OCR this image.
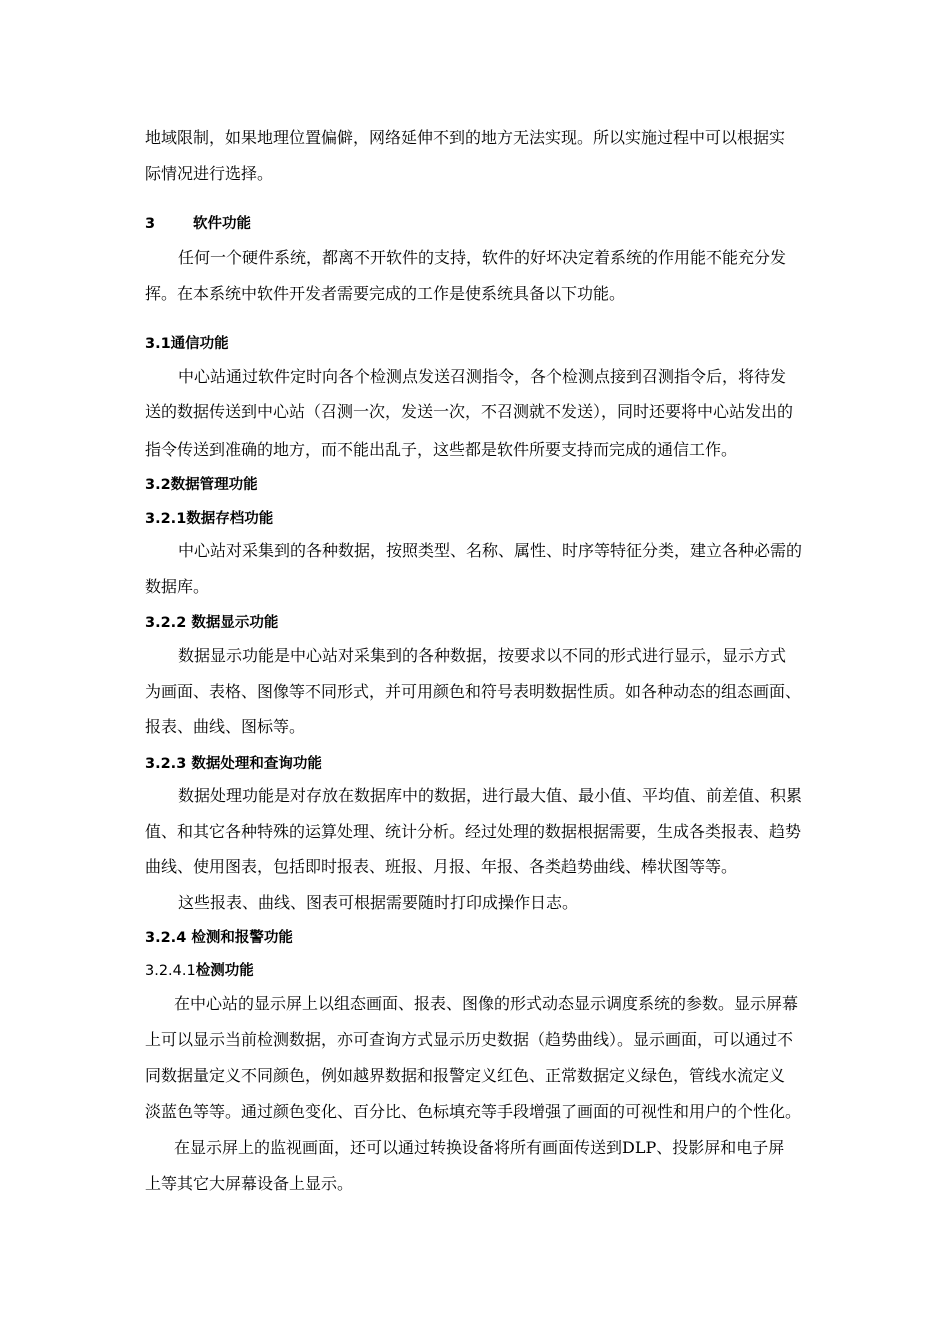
地域限制，如果地理位置偏僻，网络延伸不到的地方无法实现。所以实施过程中可以根据实
际情况进行选择。
3	软件功能
任何一个硬件系统，都离不开软件的支持，软件的好坏决定着系统的作用能不能充分发
挥。在本系统中软件开发者需要完成的工作是使系统具备以下功能。
3.1通信功能
中心站通过软件定时向各个检测点发送召测指令，各个检测点接到召测指令后，将待发
送的数据传送到中心站（召测一次，发送一次，不召测就不发送），同时还要将中心站发出的
指令传送到准确的地方，而不能出乱子，这些都是软件所要支持而完成的通信工作。
3.2数据管理功能
3.2.1数据存档功能
中心站对采集到的各种数据，按照类型、名称、属性、时序等特征分类，建立各种必需的
数据库。
3.2.2 数据显示功能
数据显示功能是中心站对采集到的各种数据，按要求以不同的形式进行显示，显示方式
为画面、表格、图像等不同形式，并可用颜色和符号表明数据性质。如各种动态的组态画面、
报表、曲线、图标等。
3.2.3 数据处理和查询功能
数据处理功能是对存放在数据库中的数据，进行最大值、最小值、平均值、前差值、积累
值、和其它各种特殊的运算处理、统计分析。经过处理的数据根据需要，生成各类报表、趋势
曲线、使用图表，包括即时报表、班报、月报、年报、各类趋势曲线、棒状图等等。
这些报表、曲线、图表可根据需要随时打印成操作日志。
3.2.4 检测和报警功能
3.2.4.1检测功能
在中心站的显示屏上以组态画面、报表、图像的形式动态显示调度系统的参数。显示屏幕
上可以显示当前检测数据，亦可查询方式显示历史数据（趋势曲线）。显示画面，可以通过不
同数据量定义不同颜色，例如越界数据和报警定义红色、正常数据定义绿色，管线水流定义
淡蓝色等等。通过颜色变化、百分比、色标填充等手段增强了画面的可视性和用户的个性化。
在显示屏上的监视画面，还可以通过转换设备将所有画面传送到DLP、投影屏和电子屏
上等其它大屏幕设备上显示。
